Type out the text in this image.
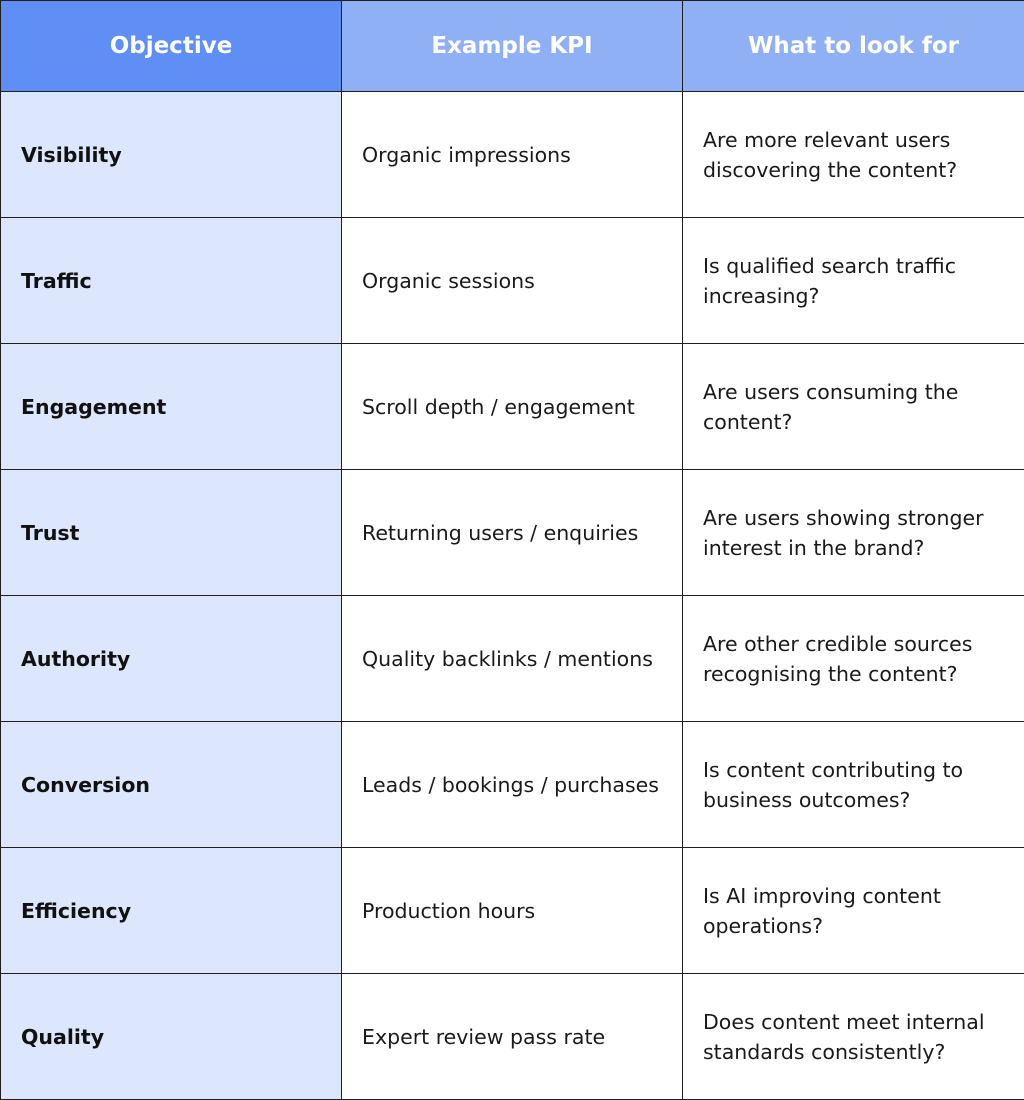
Objective	Example KPI	What to look for
Visibility	Organic impressions	Are more relevant users discovering the content?
Traffic	Organic sessions	Is qualified search traffic increasing?
Engagement	Scroll depth / engagement	Are users consuming the content?
Trust	Returning users / enquiries	Are users showing stronger interest in the brand?
Authority	Quality backlinks / mentions	Are other credible sources recognising the content?
Conversion	Leads / bookings / purchases	Is content contributing to business outcomes?
Efficiency	Production hours	Is AI improving content operations?
Quality	Expert review pass rate	Does content meet internal standards consistently?
